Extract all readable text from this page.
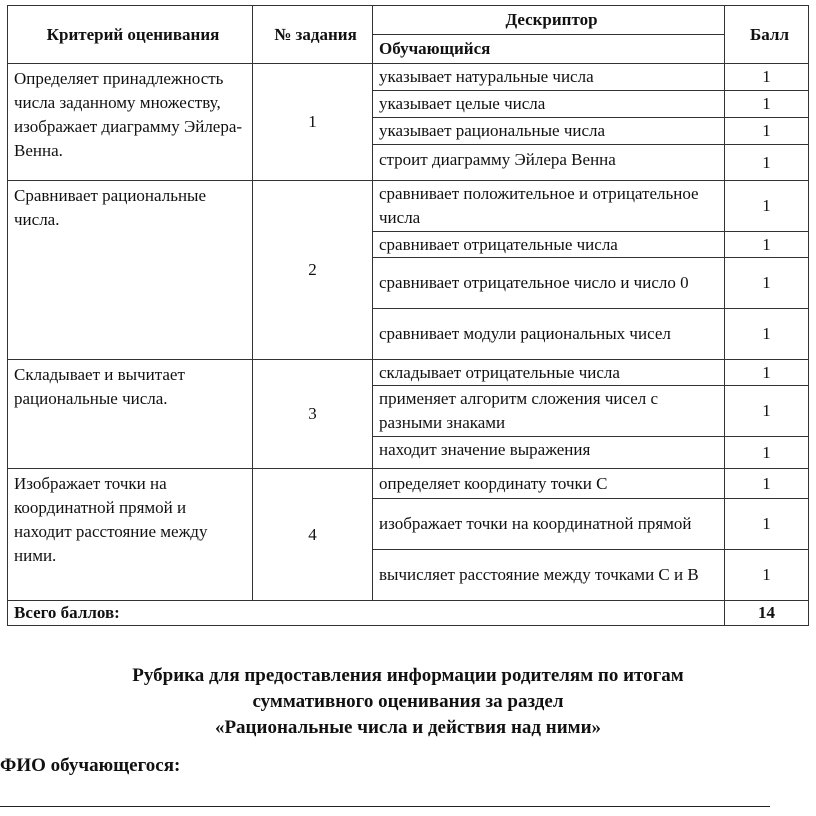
Критерий оценивания	№ задания	Дескриптор	Балл
		Обучающийся	
Определяет принадлежность числа заданному множеству, изображает диаграмму Эйлера-Венна.	1	указывает натуральные числа	1
		указывает целые числа	1
		указывает рациональные числа	1
		строит диаграмму Эйлера Венна	1
Сравнивает рациональные числа.	2	сравнивает положительное и отрицательное числа	1
		сравнивает отрицательные числа	1
		сравнивает отрицательное число и число 0	1
		сравнивает модули рациональных чисел	1
Складывает и вычитает рациональные числа.	3	складывает отрицательные числа	1
		применяет алгоритм сложения чисел с разными знаками	1
		находит значение выражения	1
Изображает точки на координатной прямой и находит расстояние между ними.	4	определяет координату точки C	1
		изображает точки на координатной прямой	1
		вычисляет расстояние между точками C и B	1
Всего баллов:			14
Рубрика для предоставления информации родителям по итогам
суммативного оценивания за раздел
«Рациональные числа и действия над ними»
ФИО обучающегося:
